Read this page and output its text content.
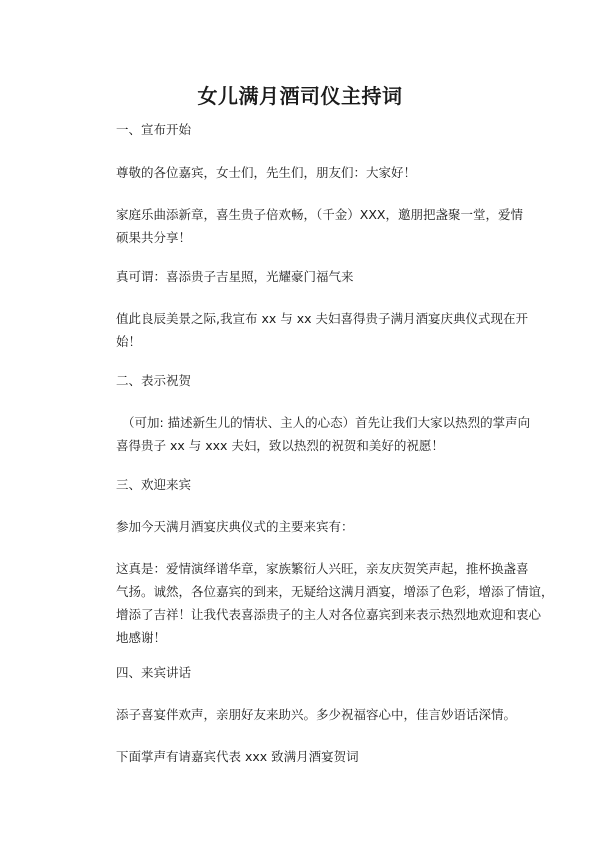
女儿满月酒司仪主持词
一、宣布开始
尊敬的各位嘉宾，女士们，先生们，朋友们：大家好！
家庭乐曲添新章，喜生贵子倍欢畅，（千金）XXX，邀朋把盏聚一堂，爱情
硕果共分享！
真可谓：喜添贵子吉星照，光耀豪门福气来
值此良辰美景之际,我宣布 xx 与 xx 夫妇喜得贵子满月酒宴庆典仪式现在开
始！
二、表示祝贺
（可加: 描述新生儿的情状、主人的心态）首先让我们大家以热烈的掌声向
喜得贵子 xx 与 xxx 夫妇，致以热烈的祝贺和美好的祝愿！
三、欢迎来宾
参加今天满月酒宴庆典仪式的主要来宾有：
这真是：爱情演绎谱华章，家族繁衍人兴旺，亲友庆贺笑声起，推杯换盏喜
气扬。诚然，各位嘉宾的到来，无疑给这满月酒宴，增添了色彩，增添了情谊，
增添了吉祥！让我代表喜添贵子的主人对各位嘉宾到来表示热烈地欢迎和衷心
地感谢！
四、来宾讲话
添子喜宴伴欢声，亲朋好友来助兴。多少祝福容心中，佳言妙语话深情。
下面掌声有请嘉宾代表 xxx 致满月酒宴贺词
